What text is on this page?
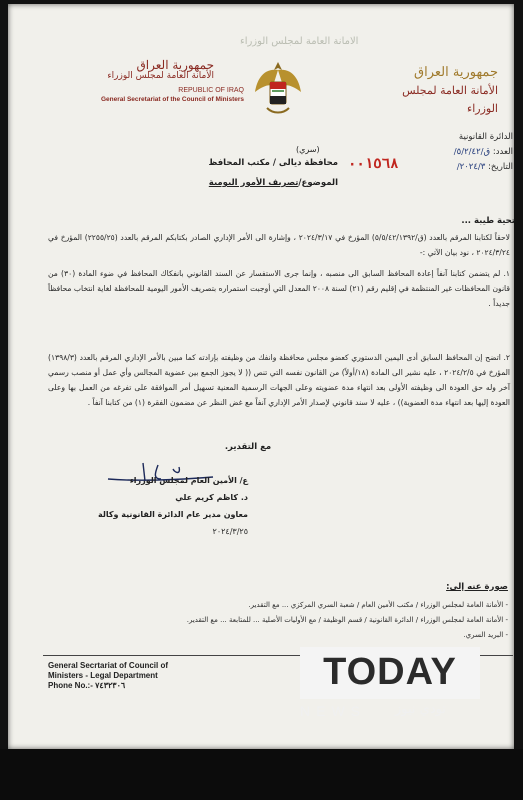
الامانة العامة لمجلس الوزراء
جمهورية العراق
الأمانة العامة لمجلس الوزراء
REPUBLIC OF IRAQ
General Secretariat of the Council of Ministers
جمهورية العراق
الأمانة العامة لمجلس الوزراء
الدائرة القانونية
العدد: ق/٥/٢/٤٢/
التاريخ: ٢٠٢٤/٣/
٠٠١٥٦٨
(سري)
محافظة ديالى / مكتب المحافظ
الموضوع/تصريف الأمور اليومية
تحية طيبة ...
لاحقاً لكتابنا المرقم بالعدد (ق/٥/٥/٤٢/١٣٩٢) المؤرخ في ٢٠٢٤/٣/١٧ ، وإشارة الى الأمر الإداري الصادر بكتابكم المرقم بالعدد (٢٢٥٥/٢٥) المؤرخ في ٢٠٢٤/٣/٢٤ ، نود بيان الآتي :-
١. لم يتضمن كتابنا آنفاً إعادة المحافظ السابق الى منصبه ، وإنما جرى الاستفسار عن السند القانوني بانفكاك المحافظ في ضوء المادة (٣٠) من قانون المحافظات غير المنتظمة في إقليم رقم (٢١) لسنة ٢٠٠٨ المعدل التي أوجبت استمراره بتصريف الأمور اليومية للمحافظة لغاية انتخاب محافظاً جديداً .
٢. اتضح إن المحافظ السابق أدى اليمين الدستوري كعضو مجلس محافظة وانفك من وظيفته بإرادته كما مبين بالأمر الإداري المرقم بالعدد (١٣٩٨/٣) المؤرخ في ٢٠٢٤/٢/٥ ، عليه نشير الى المادة (١٨/أولاً) من القانون نفسه التي تنص (( لا يجوز الجمع بين عضوية المجالس وأي عمل أو منصب رسمي آخر وله حق العودة الى وظيفته الأولى بعد انتهاء مدة عضويته وعلى الجهات الرسمية المعنية تسهيل أمر الموافقة على تفرغه من العمل بها وعلى العودة إليها بعد انتهاء مدة العضوية)) ، عليه لا سند قانوني لإصدار الأمر الإداري آنفاً مع غض النظر عن مضمون الفقرة (١) من كتابنا آنفاً .
مع التقدير.
ع/ الأمين العام لمجلس الوزراء
د. كاظم كريم علي
معاون مدير عام الدائرة القانونية وكالة
٢٠٢٤/٣/٢٥
صورة عنه إلى:
- الأمانة العامة لمجلس الوزراء / مكتب الأمين العام / شعبة السري المركزي ... مع التقدير.
- الأمانة العامة لمجلس الوزراء / الدائرة القانونية / قسم الوظيفة / مع الأوليات الأصلية ... للمتابعة ... مع التقدير.
- البريد السري.
General Secrtariat of Council of
Ministers - Legal Department
Phone No.:- ٧٤٣٢٣٠٦	TODAY
NEWS تودي نيوز
